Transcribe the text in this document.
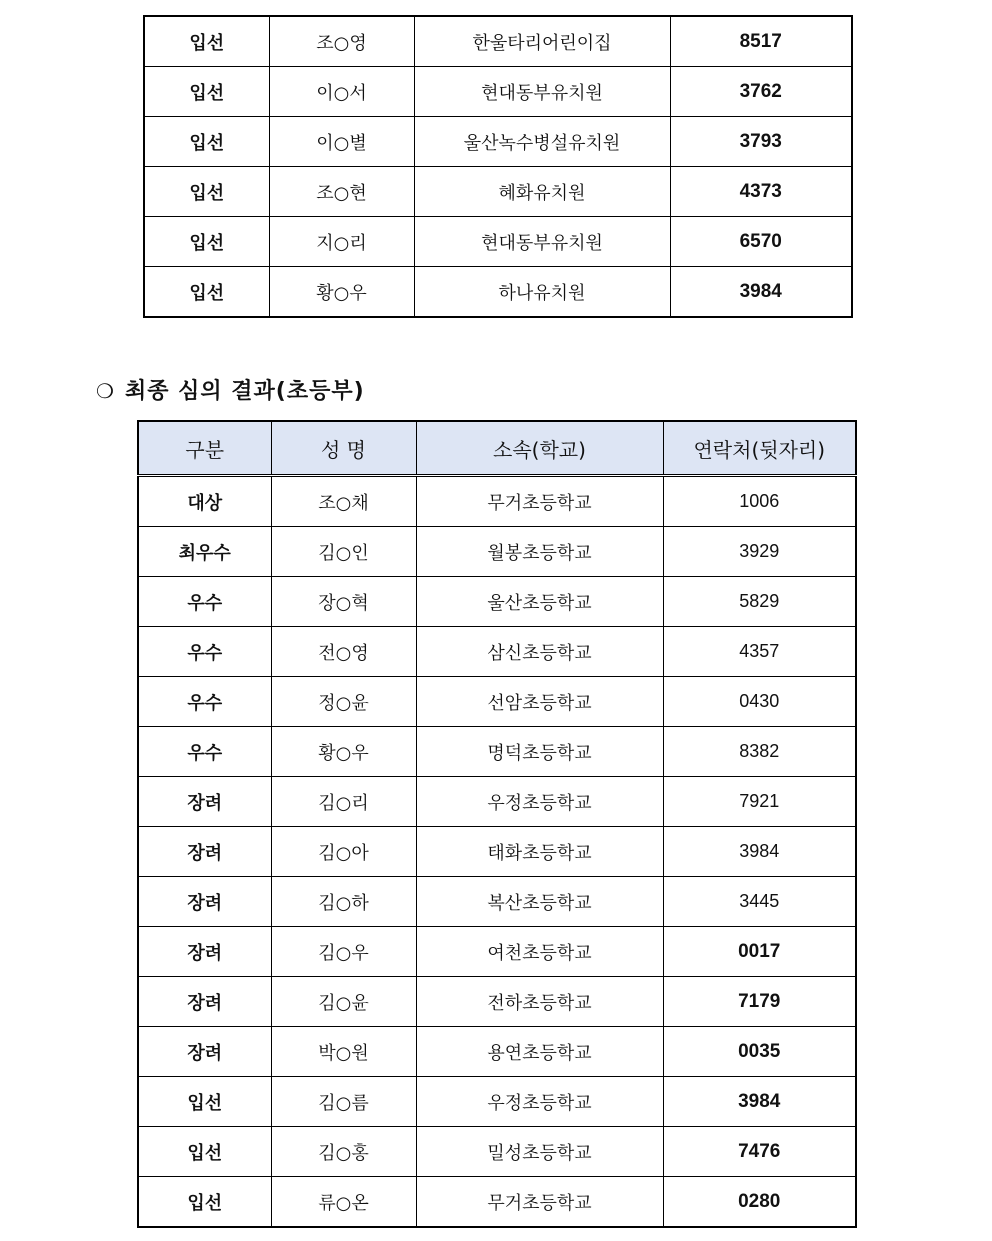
입선	조○영	한울타리어린이집	8517
입선	이○서	현대동부유치원	3762
입선	이○별	울산녹수병설유치원	3793
입선	조○현	혜화유치원	4373
입선	지○리	현대동부유치원	6570
입선	황○우	하나유치원	3984
❍ 최종 심의 결과(초등부)
구분	성 명	소속(학교)	연락처(뒷자리)
대상	조○채	무거초등학교	1006
최우수	김○인	월봉초등학교	3929
우수	장○혁	울산초등학교	5829
우수	전○영	삼신초등학교	4357
우수	정○윤	선암초등학교	0430
우수	황○우	명덕초등학교	8382
장려	김○리	우정초등학교	7921
장려	김○아	태화초등학교	3984
장려	김○하	복산초등학교	3445
장려	김○우	여천초등학교	0017
장려	김○윤	전하초등학교	7179
장려	박○원	용연초등학교	0035
입선	김○름	우정초등학교	3984
입선	김○홍	밀성초등학교	7476
입선	류○온	무거초등학교	0280
